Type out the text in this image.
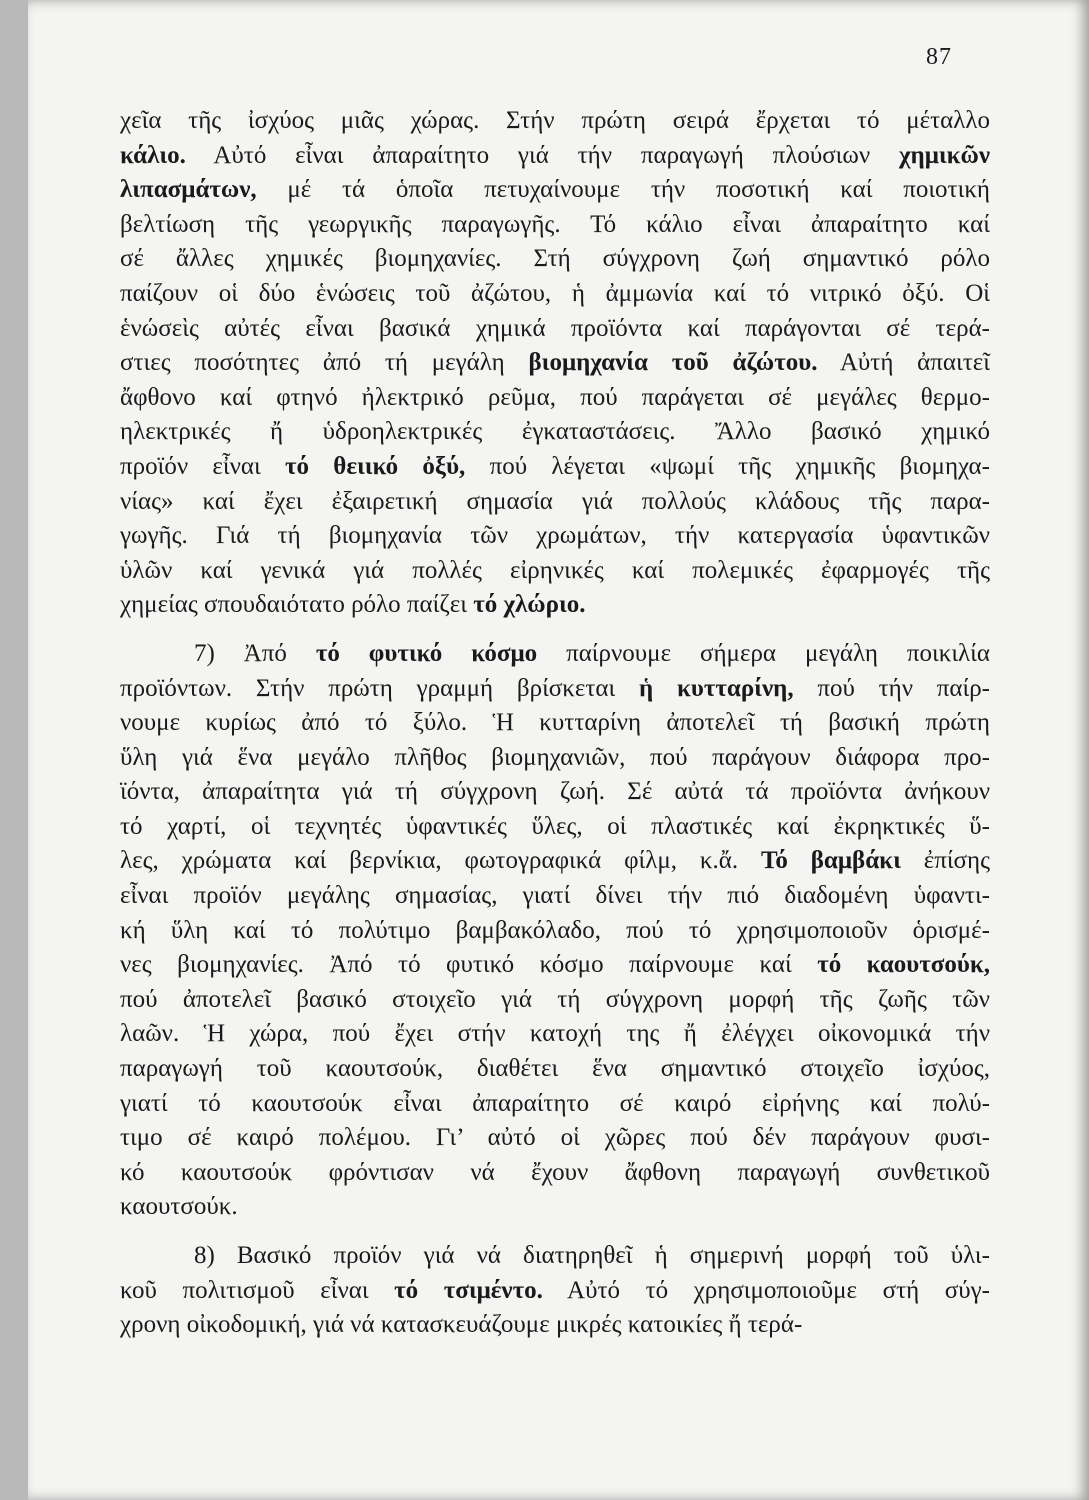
87
χεῖα τῆς ἰσχύος μιᾶς χώρας. Στήν πρώτη σειρά ἔρχεται τό μέταλλο
κάλιο. Αὐτό εἶναι ἀπαραίτητο γιά τήν παραγωγή πλούσιων χημικῶν
λιπασμάτων, μέ τά ὁποῖα πετυχαίνουμε τήν ποσοτική καί ποιοτική
βελτίωση τῆς γεωργικῆς παραγωγῆς. Τό κάλιο εἶναι ἀπαραίτητο καί
σέ ἄλλες χημικές βιομηχανίες. Στή σύγχρονη ζωή σημαντικό ρόλο
παίζουν οἱ δύο ἑνώσεις τοῦ ἀζώτου, ἡ ἀμμωνία καί τό νιτρικό ὀξύ. Οἱ
ἑνώσεὶς αὐτές εἶναι βασικά χημικά προϊόντα καί παράγονται σέ τερά-
στιες ποσότητες ἀπό τή μεγάλη βιομηχανία τοῦ ἀζώτου. Αὐτή ἀπαιτεῖ
ἄφθονο καί φτηνό ἠλεκτρικό ρεῦμα, πού παράγεται σέ μεγάλες θερμο-
ηλεκτρικές ἤ ὑδροηλεκτρικές ἐγκαταστάσεις. Ἄλλο βασικό χημικό
προϊόν εἶναι τό θειικό ὀξύ, πού λέγεται «ψωμί τῆς χημικῆς βιομηχα-
νίας» καί ἔχει ἐξαιρετική σημασία γιά πολλούς κλάδους τῆς παρα-
γωγῆς. Γιά τή βιομηχανία τῶν χρωμάτων, τήν κατεργασία ὑφαντικῶν
ὑλῶν καί γενικά γιά πολλές εἰρηνικές καί πολεμικές ἐφαρμογές τῆς
χημείας σπουδαιότατο ρόλο παίζει τό χλώριο.
7) Ἀπό τό φυτικό κόσμο παίρνουμε σήμερα μεγάλη ποικιλία
προϊόντων. Στήν πρώτη γραμμή βρίσκεται ἡ κυτταρίνη, πού τήν παίρ-
νουμε κυρίως ἀπό τό ξύλο. Ἡ κυτταρίνη ἀποτελεῖ τή βασική πρώτη
ὕλη γιά ἕνα μεγάλο πλῆθος βιομηχανιῶν, πού παράγουν διάφορα προ-
ϊόντα, ἀπαραίτητα γιά τή σύγχρονη ζωή. Σέ αὐτά τά προϊόντα ἀνήκουν
τό χαρτί, οἱ τεχνητές ὑφαντικές ὕλες, οἱ πλαστικές καί ἐκρηκτικές ὕ-
λες, χρώματα καί βερνίκια, φωτογραφικά φίλμ, κ.ἄ. Τό βαμβάκι ἐπίσης
εἶναι προϊόν μεγάλης σημασίας, γιατί δίνει τήν πιό διαδομένη ὑφαντι-
κή ὕλη καί τό πολύτιμο βαμβακόλαδο, πού τό χρησιμοποιοῦν ὁρισμέ-
νες βιομηχανίες. Ἀπό τό φυτικό κόσμο παίρνουμε καί τό καουτσούκ,
πού ἀποτελεῖ βασικό στοιχεῖο γιά τή σύγχρονη μορφή τῆς ζωῆς τῶν
λαῶν. Ἡ χώρα, πού ἔχει στήν κατοχή της ἤ ἐλέγχει οἰκονομικά τήν
παραγωγή τοῦ καουτσούκ, διαθέτει ἕνα σημαντικό στοιχεῖο ἰσχύος,
γιατί τό καουτσούκ εἶναι ἀπαραίτητο σέ καιρό εἰρήνης καί πολύ-
τιμο σέ καιρό πολέμου. Γι’ αὐτό οἱ χῶρες πού δέν παράγουν φυσι-
κό καουτσούκ φρόντισαν νά ἔχουν ἄφθονη παραγωγή συνθετικοῦ
καουτσούκ.
8) Βασικό προϊόν γιά νά διατηρηθεῖ ἡ σημερινή μορφή τοῦ ὑλι-
κοῦ πολιτισμοῦ εἶναι τό τσιμέντο. Αὐτό τό χρησιμοποιοῦμε στή σύγ-
χρονη οἰκοδομική, γιά νά κατασκευάζουμε μικρές κατοικίες ἤ τερά-
